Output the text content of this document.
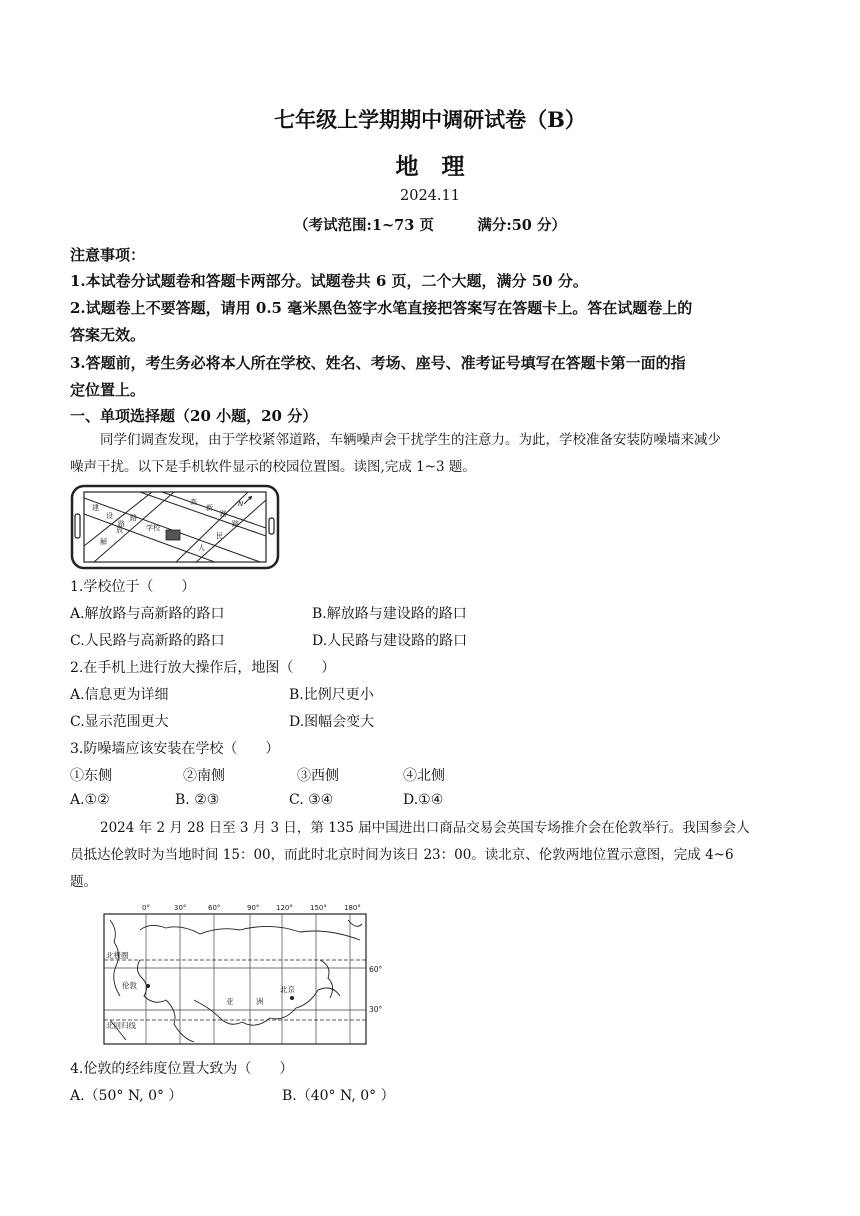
七年级上学期期中调研试卷（B）
地　理
2024.11
（考试范围:1~73 页　　　满分:50 分）
注意事项：
1.本试卷分试题卷和答题卡两部分。试题卷共 6 页，二个大题，满分 50 分。
2.试题卷上不要答题，请用 0.5 毫米黑色签字水笔直接把答案写在答题卡上。答在试题卷上的
答案无效。
3.答题前，考生务必将本人所在学校、姓名、考场、座号、准考证号填写在答题卡第一面的指
定位置上。
一、单项选择题（20 小题，20 分）
同学们调查发现，由于学校紧邻道路，车辆噪声会干扰学生的注意力。为此，学校准备安装防噪墙来减少
噪声干扰。以下是手机软件显示的校园位置图。读图,完成 1~3 题。
建
设
路
解
放
路
高
新
路
人
民
路
学校
N
1.学校位于（　　）
A.解放路与高新路的路口	B.解放路与建设路的路口
C.人民路与高新路的路口	D.人民路与建设路的路口
2.在手机上进行放大操作后，地图（　　）
A.信息更为详细	B.比例尺更小
C.显示范围更大	D.图幅会变大
3.防噪墙应该安装在学校（　　）
①东侧	②南侧	③西侧	④北侧
A.①②	B. ②③	C. ③④	D.①④
2024 年 2 月 28 日至 3 月 3 日，第 135 届中国进出口商品交易会英国专场推介会在伦敦举行。我国参会人
员抵达伦敦时为当地时间 15：00，而此时北京时间为该日 23：00。读北京、伦敦两地位置示意图，完成 4~6
题。
0°	30°	60°	90° 120° 150° 180°
北极圈
北回归线
伦敦	北京
亚	洲
60°
30°
4.伦敦的经纬度位置大致为（　　）
A.（50° N, 0° ）	B.（40° N, 0° ）
